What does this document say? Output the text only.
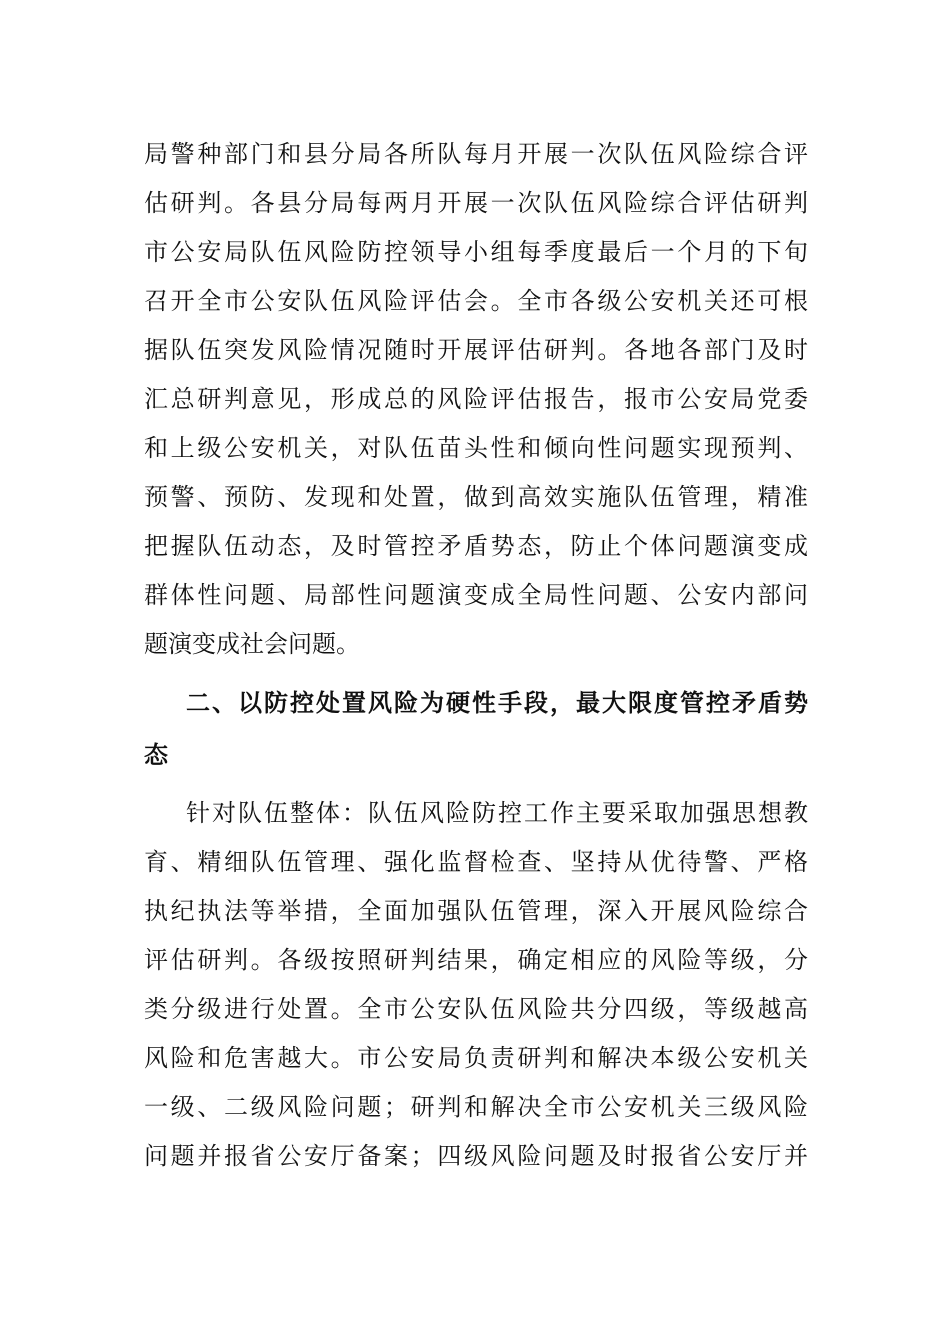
局警种部门和县分局各所队每月开展一次队伍风险综合评
估研判。各县分局每两月开展一次队伍风险综合评估研判
市公安局队伍风险防控领导小组每季度最后一个月的下旬
召开全市公安队伍风险评估会。全市各级公安机关还可根
据队伍突发风险情况随时开展评估研判。各地各部门及时
汇总研判意见，形成总的风险评估报告，报市公安局党委
和上级公安机关，对队伍苗头性和倾向性问题实现预判、
预警、预防、发现和处置，做到高效实施队伍管理，精准
把握队伍动态，及时管控矛盾势态，防止个体问题演变成
群体性问题、局部性问题演变成全局性问题、公安内部问
题演变成社会问题。
二、以防控处置风险为硬性手段，最大限度管控矛盾势
态
针对队伍整体：队伍风险防控工作主要采取加强思想教
育、精细队伍管理、强化监督检查、坚持从优待警、严格
执纪执法等举措，全面加强队伍管理，深入开展风险综合
评估研判。各级按照研判结果，确定相应的风险等级，分
类分级进行处置。全市公安队伍风险共分四级，等级越高
风险和危害越大。市公安局负责研判和解决本级公安机关
一级、二级风险问题；研判和解决全市公安机关三级风险
问题并报省公安厅备案；四级风险问题及时报省公安厅并
